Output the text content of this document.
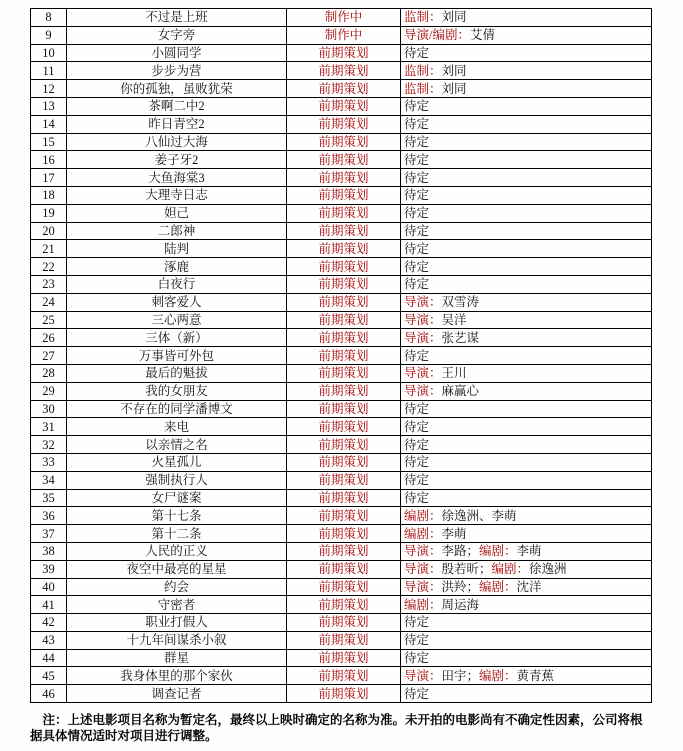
8	不过是上班	制作中	监制：刘同
9	女字旁	制作中	导演/编剧：艾倩
10	小圆同学	前期策划	待定
11	步步为营	前期策划	监制：刘同
12	你的孤独，虽败犹荣	前期策划	监制：刘同
13	茶啊二中2	前期策划	待定
14	昨日青空2	前期策划	待定
15	八仙过大海	前期策划	待定
16	姜子牙2	前期策划	待定
17	大鱼海棠3	前期策划	待定
18	大理寺日志	前期策划	待定
19	妲己	前期策划	待定
20	二郎神	前期策划	待定
21	陆判	前期策划	待定
22	涿鹿	前期策划	待定
23	白夜行	前期策划	待定
24	刺客爱人	前期策划	导演：双雪涛
25	三心两意	前期策划	导演：吴洋
26	三体（新）	前期策划	导演：张艺谋
27	万事皆可外包	前期策划	待定
28	最后的魁拔	前期策划	导演：王川
29	我的女朋友	前期策划	导演：麻赢心
30	不存在的同学潘博文	前期策划	待定
31	来电	前期策划	待定
32	以亲情之名	前期策划	待定
33	火星孤儿	前期策划	待定
34	强制执行人	前期策划	待定
35	女尸谜案	前期策划	待定
36	第十七条	前期策划	编剧：徐逸洲、李萌
37	第十二条	前期策划	编剧：李萌
38	人民的正义	前期策划	导演：李路；编剧：李萌
39	夜空中最亮的星星	前期策划	导演：殷若昕；编剧：徐逸洲
40	约会	前期策划	导演：洪羚；编剧：沈洋
41	守密者	前期策划	编剧：周运海
42	职业打假人	前期策划	待定
43	十九年间谋杀小叙	前期策划	待定
44	群星	前期策划	待定
45	我身体里的那个家伙	前期策划	导演：田宇；编剧：黄青蕉
46	调查记者	前期策划	待定

注：上述电影项目名称为暂定名，最终以上映时确定的名称为准。未开拍的电影尚有不确定性因素，公司将根据具体情况适时对项目进行调整。
